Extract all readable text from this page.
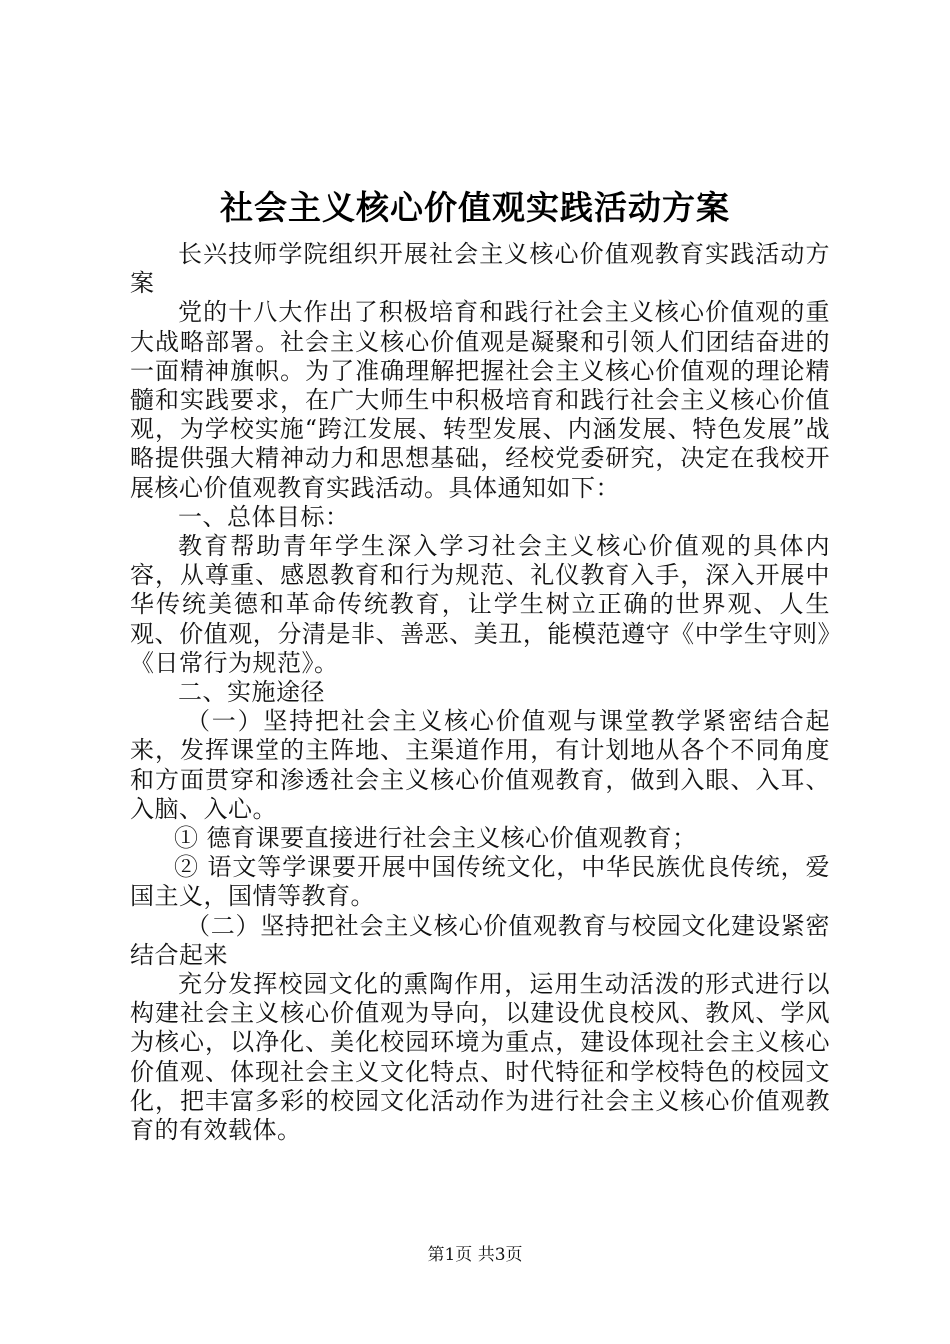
社会主义核心价值观实践活动方案

长兴技师学院组织开展社会主义核心价值观教育实践活动方案

党的十八大作出了积极培育和践行社会主义核心价值观的重大战略部署。社会主义核心价值观是凝聚和引领人们团结奋进的一面精神旗帜。为了准确理解把握社会主义核心价值观的理论精髓和实践要求，在广大师生中积极培育和践行社会主义核心价值观，为学校实施“跨江发展、转型发展、内涵发展、特色发展”战略提供强大精神动力和思想基础，经校党委研究，决定在我校开展核心价值观教育实践活动。具体通知如下：

一、总体目标：

教育帮助青年学生深入学习社会主义核心价值观的具体内容，从尊重、感恩教育和行为规范、礼仪教育入手，深入开展中华传统美德和革命传统教育，让学生树立正确的世界观、人生观、价值观，分清是非、善恶、美丑，能模范遵守《中学生守则》《日常行为规范》。

二、实施途径

（一）坚持把社会主义核心价值观与课堂教学紧密结合起来，发挥课堂的主阵地、主渠道作用，有计划地从各个不同角度和方面贯穿和渗透社会主义核心价值观教育，做到入眼、入耳、入脑、入心。

① 德育课要直接进行社会主义核心价值观教育；

② 语文等学课要开展中国传统文化，中华民族优良传统，爱国主义，国情等教育。

（二）坚持把社会主义核心价值观教育与校园文化建设紧密结合起来

充分发挥校园文化的熏陶作用，运用生动活泼的形式进行以构建社会主义核心价值观为导向，以建设优良校风、教风、学风为核心，以净化、美化校园环境为重点，建设体现社会主义核心价值观、体现社会主义文化特点、时代特征和学校特色的校园文化，把丰富多彩的校园文化活动作为进行社会主义核心价值观教育的有效载体。

第1页 共3页
